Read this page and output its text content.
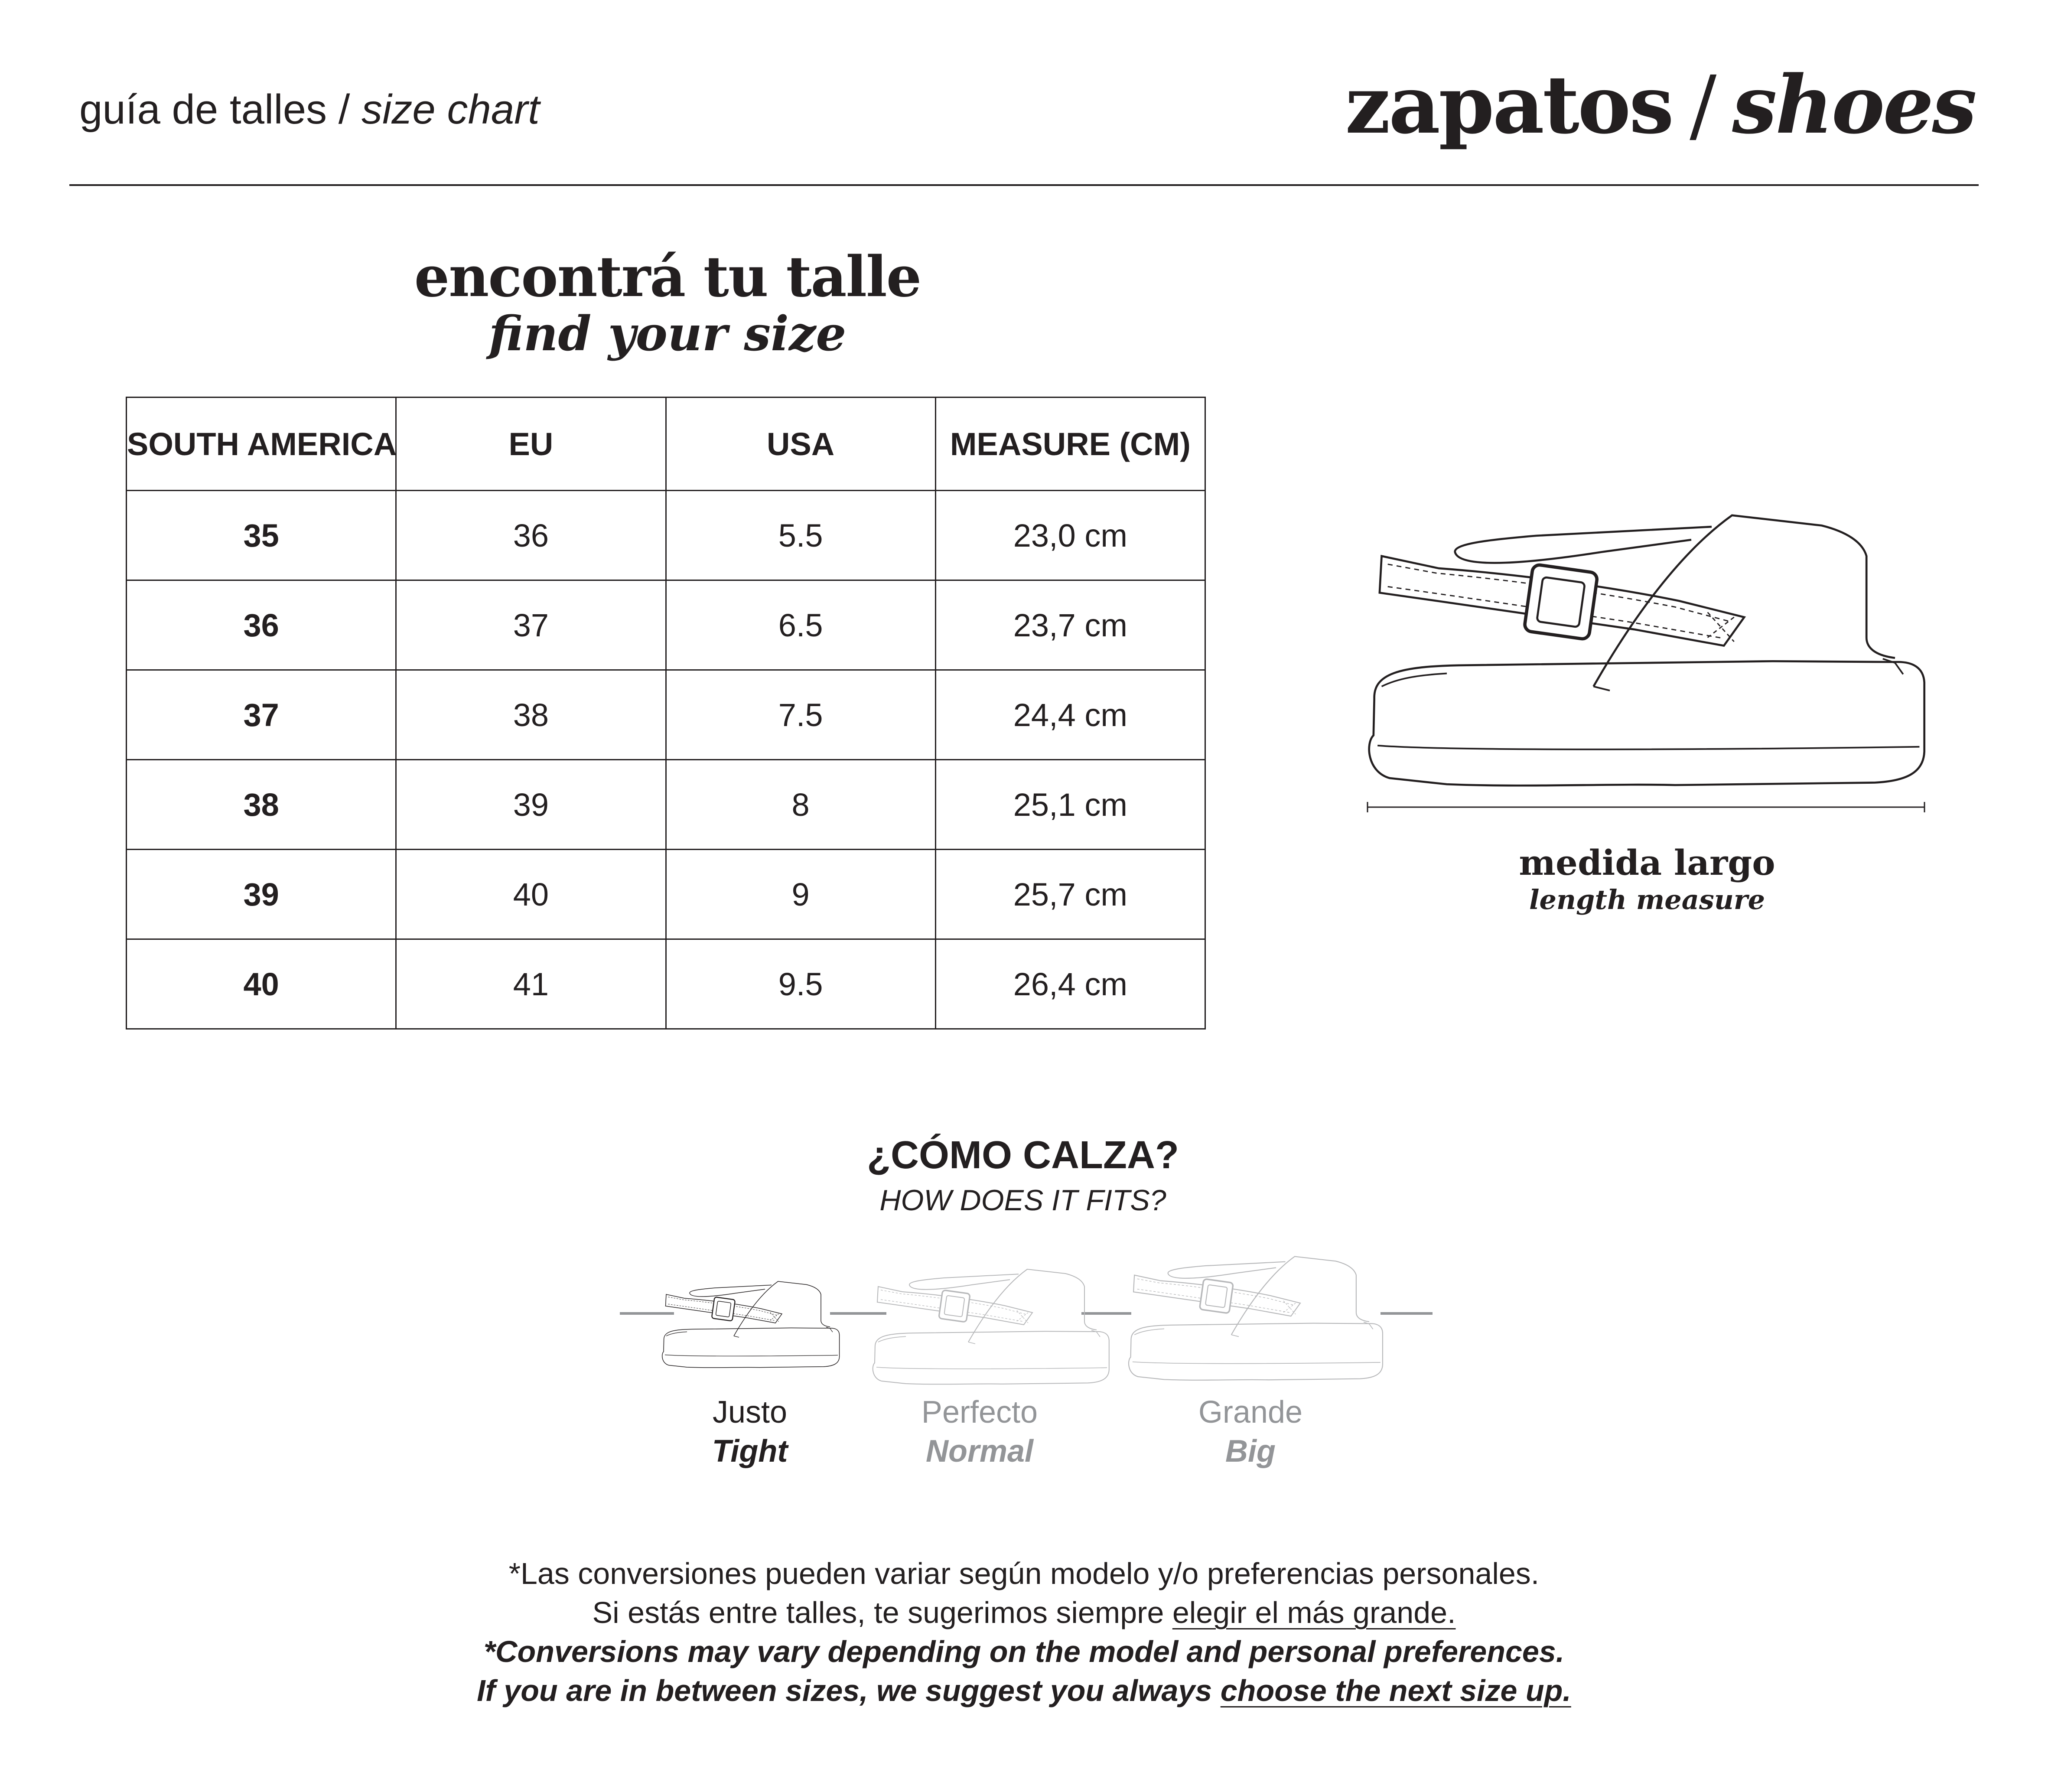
guía de talles / size chart	zapatos / shoes
encontrá tu talle
find your size
SOUTH AMERICA	EU	USA	MEASURE (CM)
35	36	5.5	23,0 cm
36	37	6.5	23,7 cm
37	38	7.5	24,4 cm
38	39	8	25,1 cm
39	40	9	25,7 cm
40	41	9.5	26,4 cm
medida largo
length measure
¿CÓMO CALZA?
HOW DOES IT FITS?
Justo
Tight
Perfecto
Normal
Grande
Big
*Las conversiones pueden variar según modelo y/o preferencias personales.
Si estás entre talles, te sugerimos siempre elegir el más grande.
*Conversions may vary depending on the model and personal preferences.
If you are in between sizes, we suggest you always choose the next size up.
